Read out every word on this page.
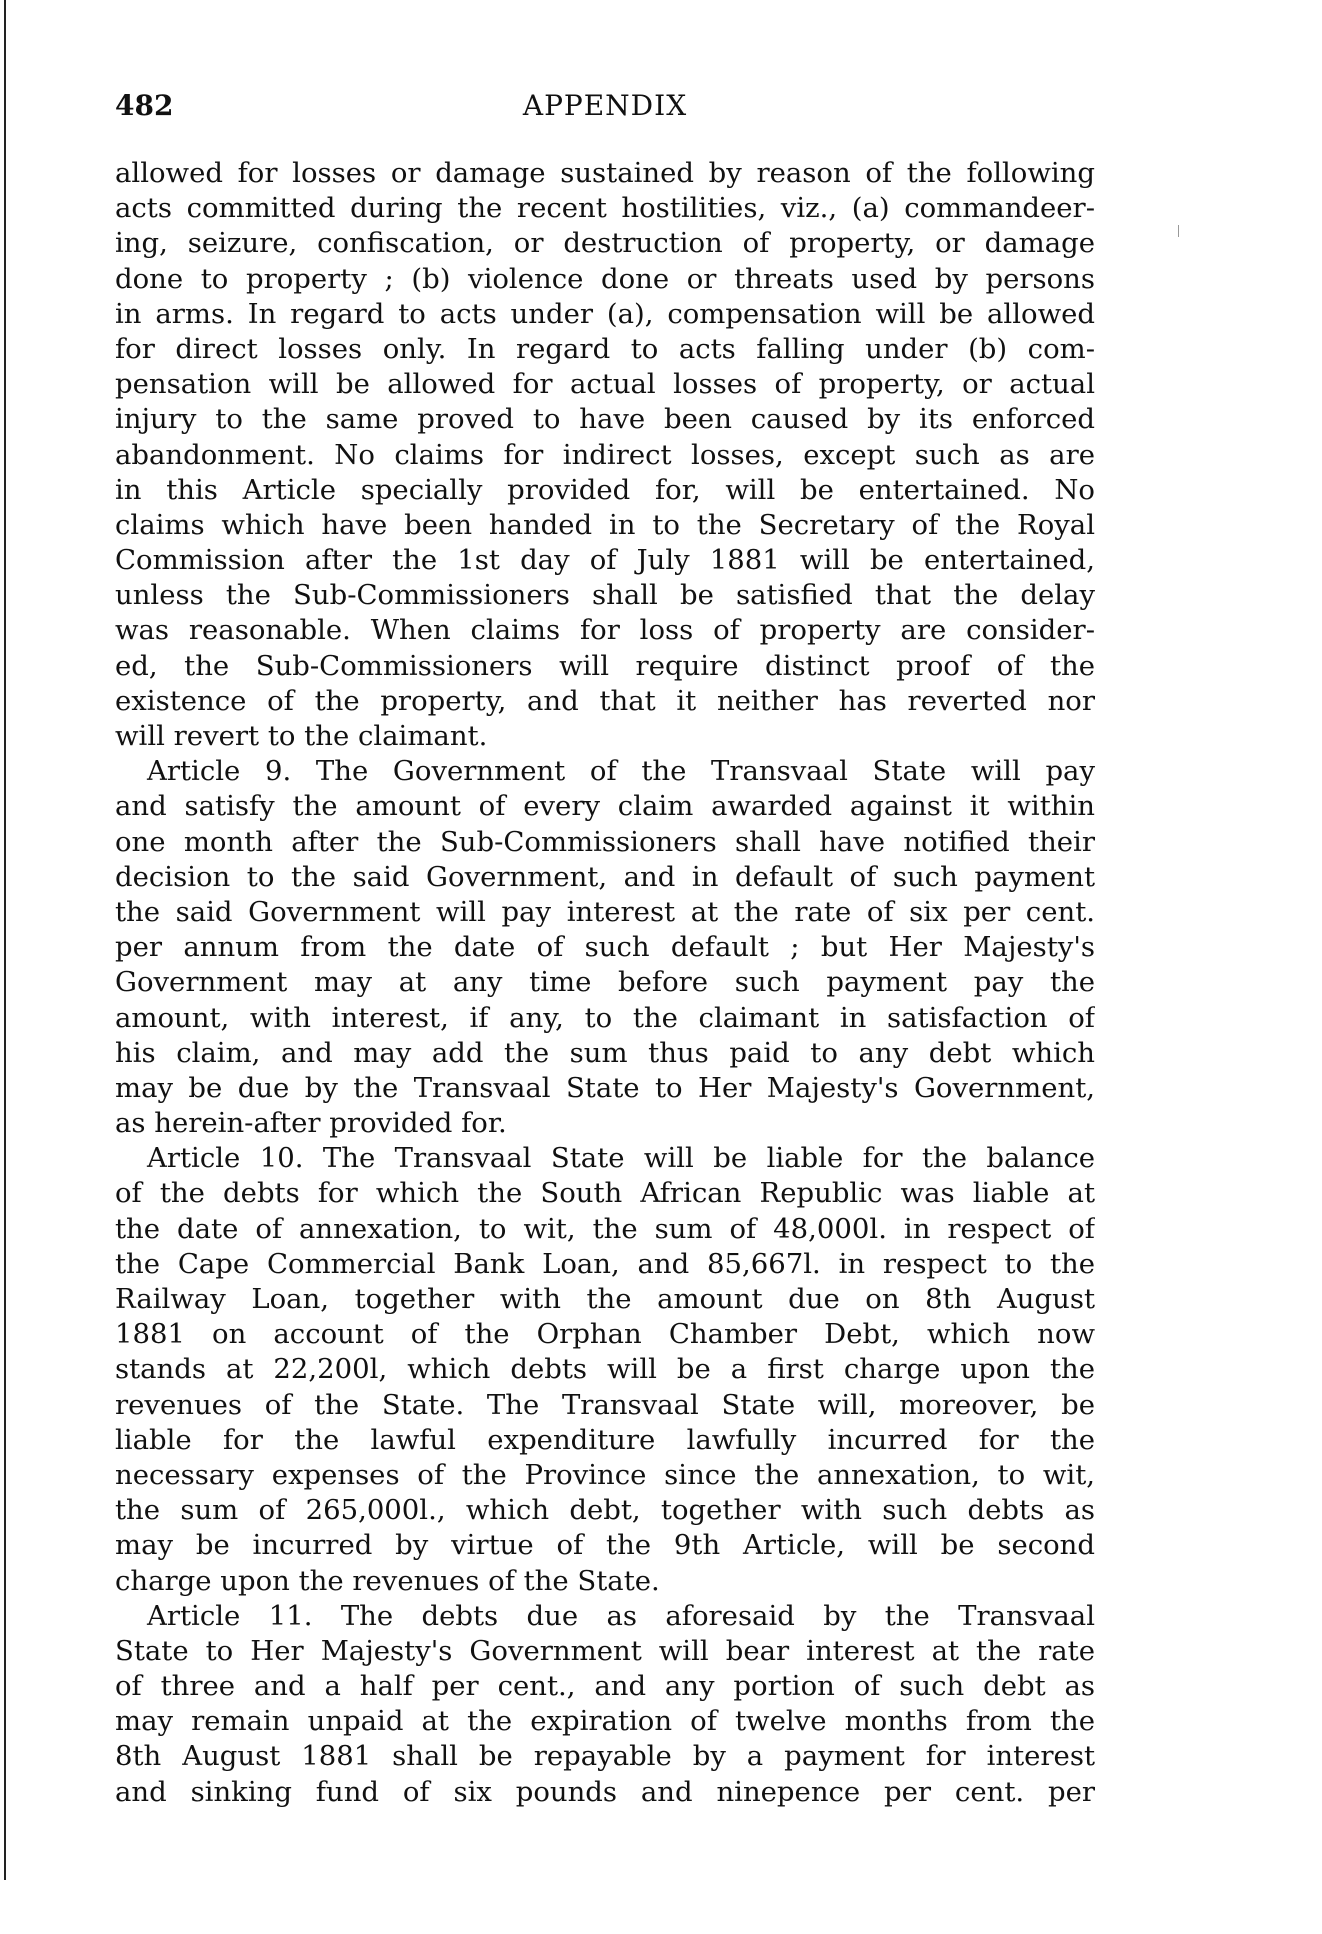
482	APPENDIX
allowed for losses or damage sustained by reason of the following
acts committed during the recent hostilities, viz., (a) commandeer-
ing, seizure, confiscation, or destruction of property, or damage
done to property ; (b) violence done or threats used by persons
in arms. In regard to acts under (a), compensation will be allowed
for direct losses only. In regard to acts falling under (b) com-
pensation will be allowed for actual losses of property, or actual
injury to the same proved to have been caused by its enforced
abandonment. No claims for indirect losses, except such as are
in this Article specially provided for, will be entertained. No
claims which have been handed in to the Secretary of the Royal
Commission after the 1st day of July 1881 will be entertained,
unless the Sub-Commissioners shall be satisfied that the delay
was reasonable. When claims for loss of property are consider-
ed, the Sub-Commissioners will require distinct proof of the
existence of the property, and that it neither has reverted nor
will revert to the claimant.
Article 9. The Government of the Transvaal State will pay
and satisfy the amount of every claim awarded against it within
one month after the Sub-Commissioners shall have notified their
decision to the said Government, and in default of such payment
the said Government will pay interest at the rate of six per cent.
per annum from the date of such default ; but Her Majesty's
Government may at any time before such payment pay the
amount, with interest, if any, to the claimant in satisfaction of
his claim, and may add the sum thus paid to any debt which
may be due by the Transvaal State to Her Majesty's Government,
as herein-after provided for.
Article 10. The Transvaal State will be liable for the balance
of the debts for which the South African Republic was liable at
the date of annexation, to wit, the sum of 48,000l. in respect of
the Cape Commercial Bank Loan, and 85,667l. in respect to the
Railway Loan, together with the amount due on 8th August
1881 on account of the Orphan Chamber Debt, which now
stands at 22,200l, which debts will be a first charge upon the
revenues of the State. The Transvaal State will, moreover, be
liable for the lawful expenditure lawfully incurred for the
necessary expenses of the Province since the annexation, to wit,
the sum of 265,000l., which debt, together with such debts as
may be incurred by virtue of the 9th Article, will be second
charge upon the revenues of the State.
Article 11. The debts due as aforesaid by the Transvaal
State to Her Majesty's Government will bear interest at the rate
of three and a half per cent., and any portion of such debt as
may remain unpaid at the expiration of twelve months from the
8th August 1881 shall be repayable by a payment for interest
and sinking fund of six pounds and ninepence per cent. per
